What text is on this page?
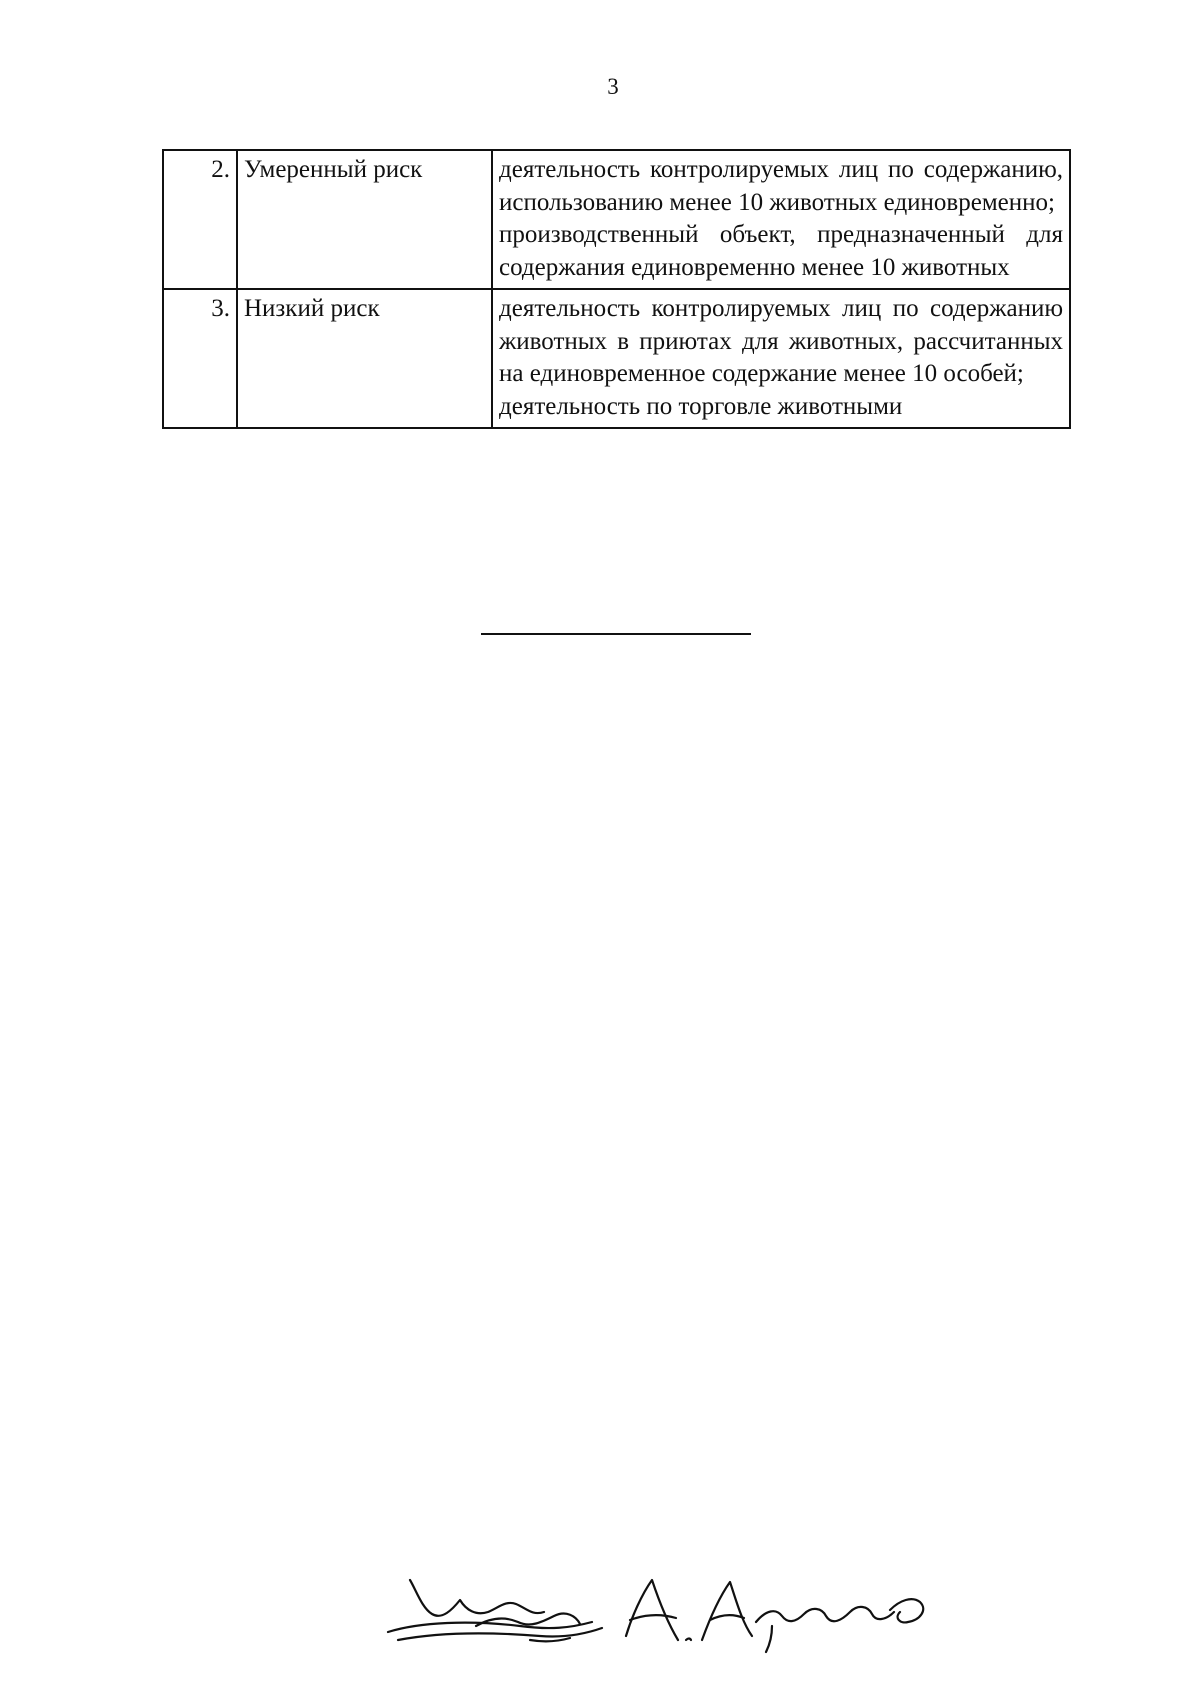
3
2.	Умеренный риск	деятельность контролируемых лиц по содержанию, использованию менее 10 животных единовременно;
производственный объект, предназначенный для содержания единовременно менее 10 животных

3.	Низкий риск	деятельность контролируемых лиц по содержанию животных в приютах для животных, рассчитанных на единовременное содержание менее 10 особей;
деятельность по торговле животными
